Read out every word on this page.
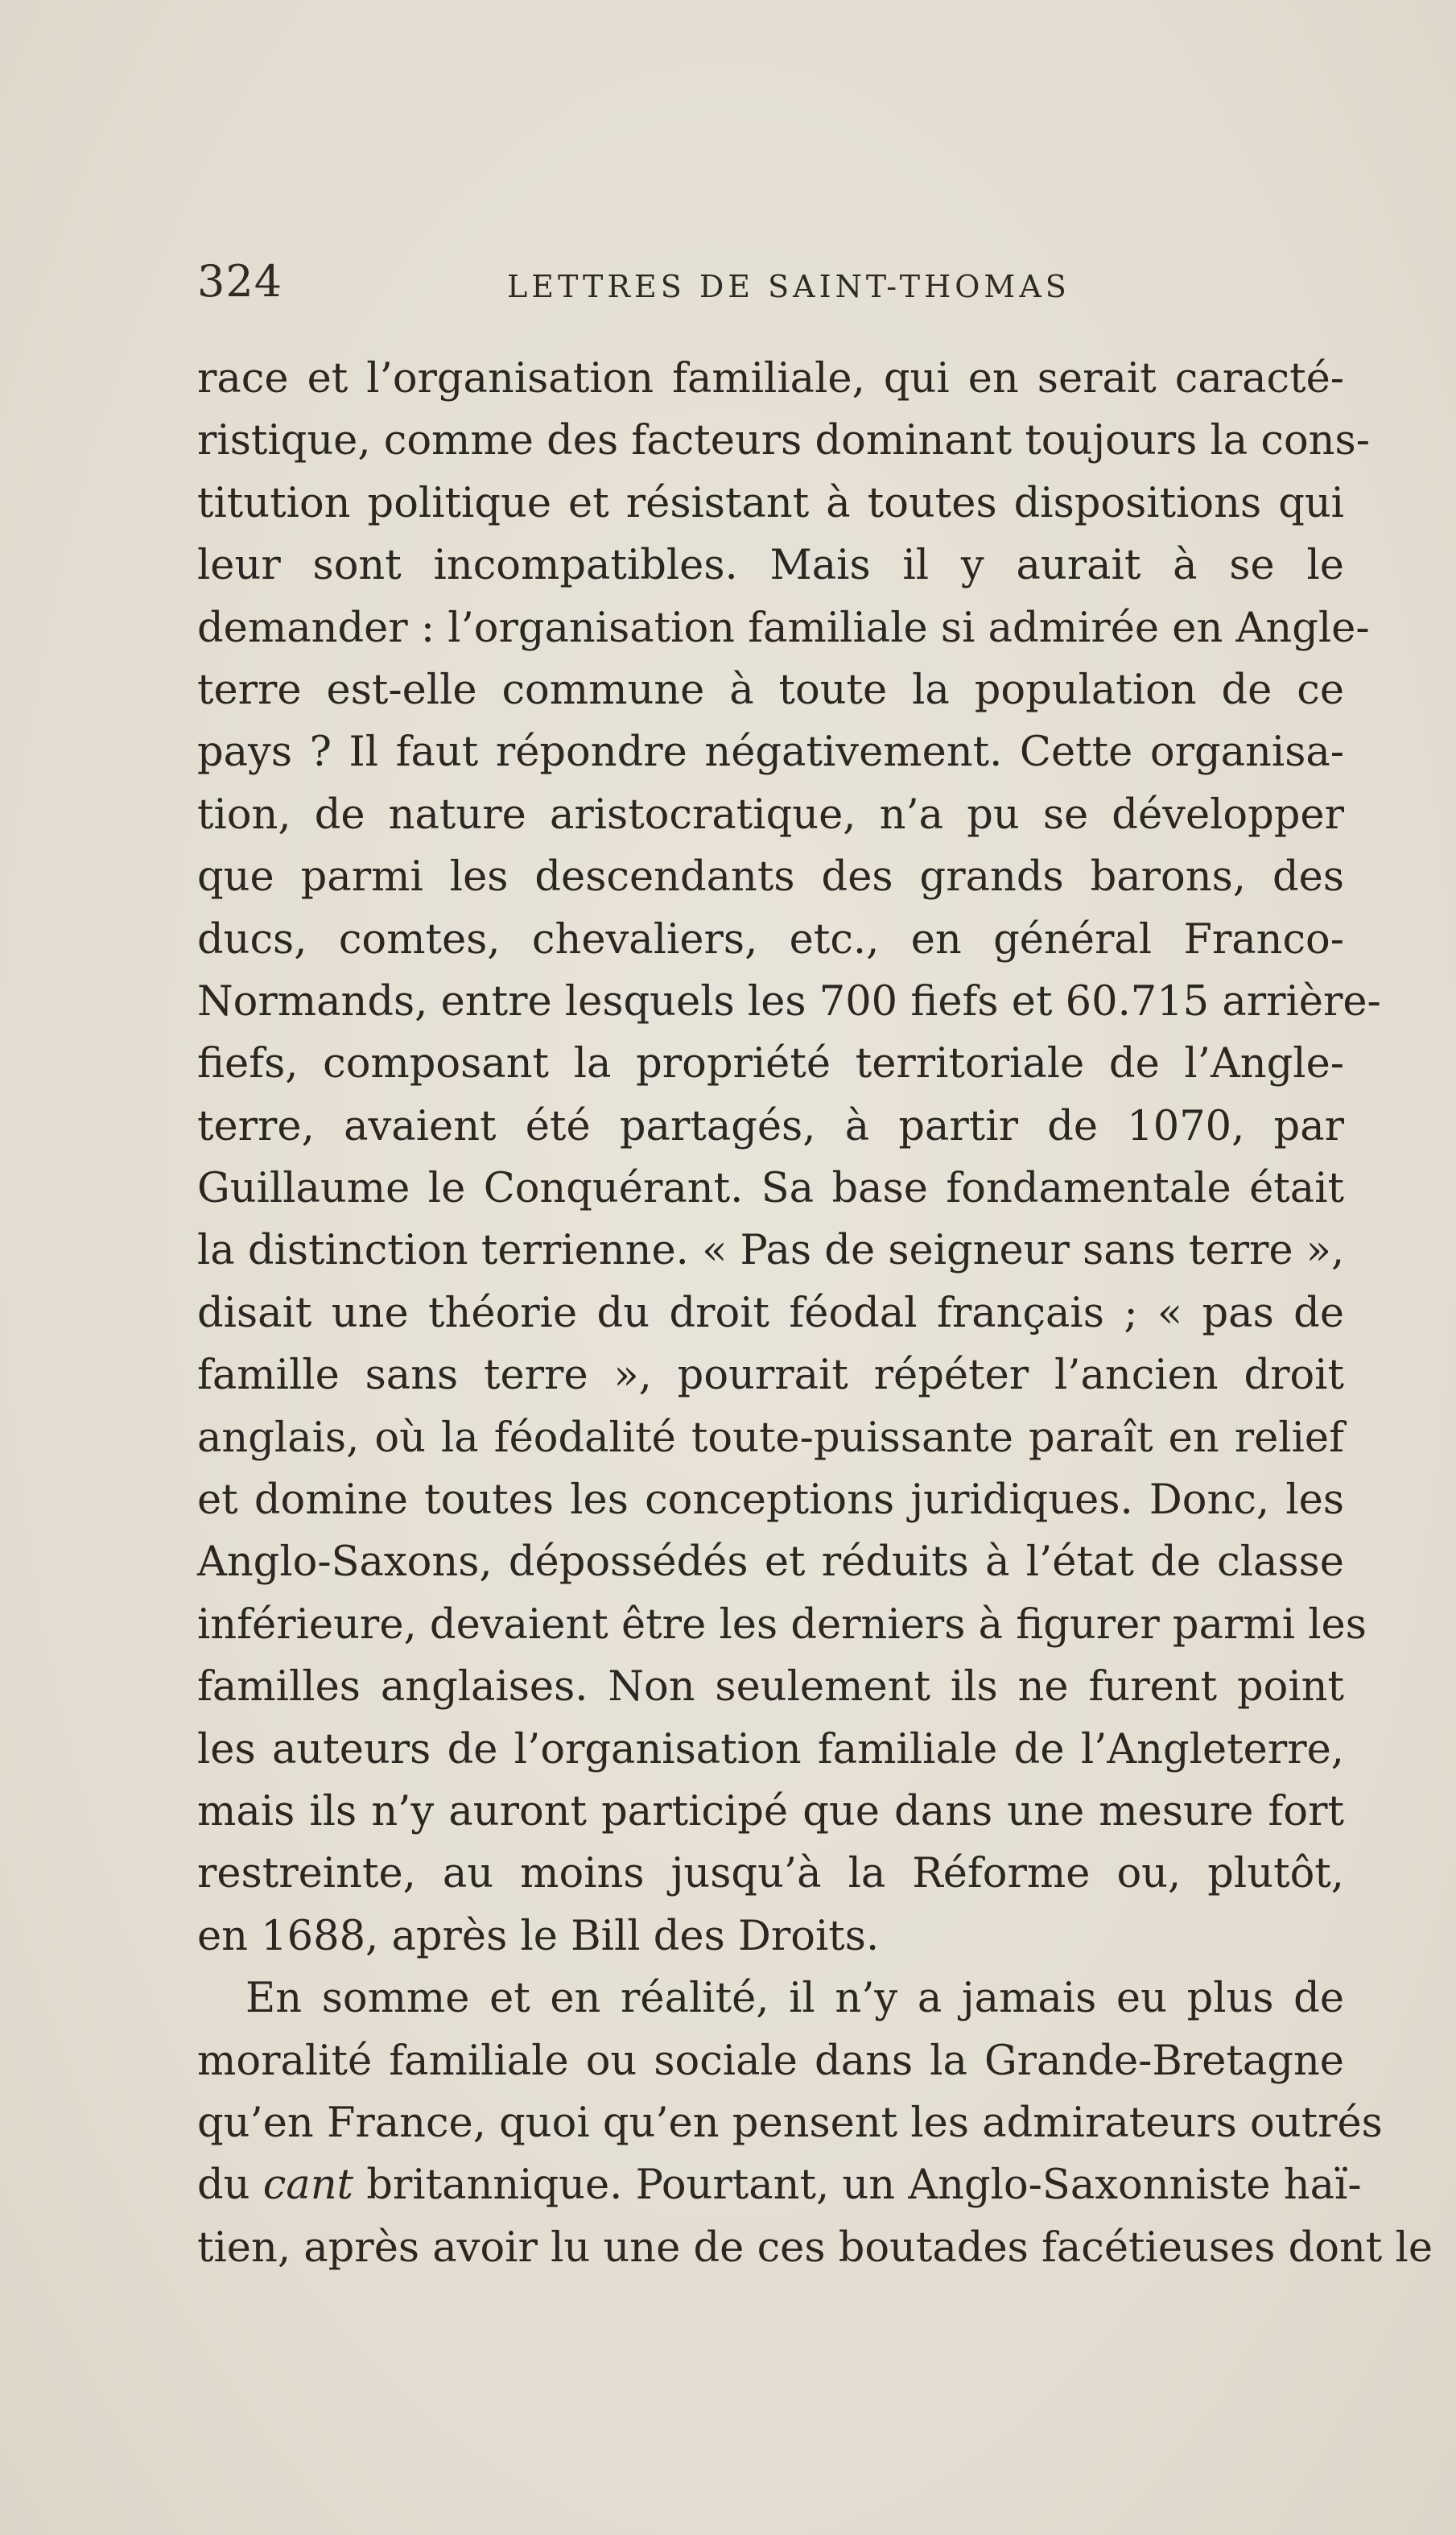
324	LETTRES DE SAINT-THOMAS
race et l’organisation familiale, qui en serait caracté-
ristique, comme des facteurs dominant toujours la cons-
titution politique et résistant à toutes dispositions qui
leur sont incompatibles. Mais il y aurait à se le
demander : l’organisation familiale si admirée en Angle-
terre est-elle commune à toute la population de ce
pays ? Il faut répondre négativement. Cette organisa-
tion, de nature aristocratique, n’a pu se développer
que parmi les descendants des grands barons, des
ducs, comtes, chevaliers, etc., en général Franco-
Normands, entre lesquels les 700 fiefs et 60.715 arrière-
fiefs, composant la propriété territoriale de l’Angle-
terre, avaient été partagés, à partir de 1070, par
Guillaume le Conquérant. Sa base fondamentale était
la distinction terrienne. « Pas de seigneur sans terre »,
disait une théorie du droit féodal français ; « pas de
famille sans terre », pourrait répéter l’ancien droit
anglais, où la féodalité toute-puissante paraît en relief
et domine toutes les conceptions juridiques. Donc, les
Anglo-Saxons, dépossédés et réduits à l’état de classe
inférieure, devaient être les derniers à figurer parmi les
familles anglaises. Non seulement ils ne furent point
les auteurs de l’organisation familiale de l’Angleterre,
mais ils n’y auront participé que dans une mesure fort
restreinte, au moins jusqu’à la Réforme ou, plutôt,
en 1688, après le Bill des Droits.
En somme et en réalité, il n’y a jamais eu plus de
moralité familiale ou sociale dans la Grande-Bretagne
qu’en France, quoi qu’en pensent les admirateurs outrés
du cant britannique. Pourtant, un Anglo-Saxonniste haï-
tien, après avoir lu une de ces boutades facétieuses dont le
